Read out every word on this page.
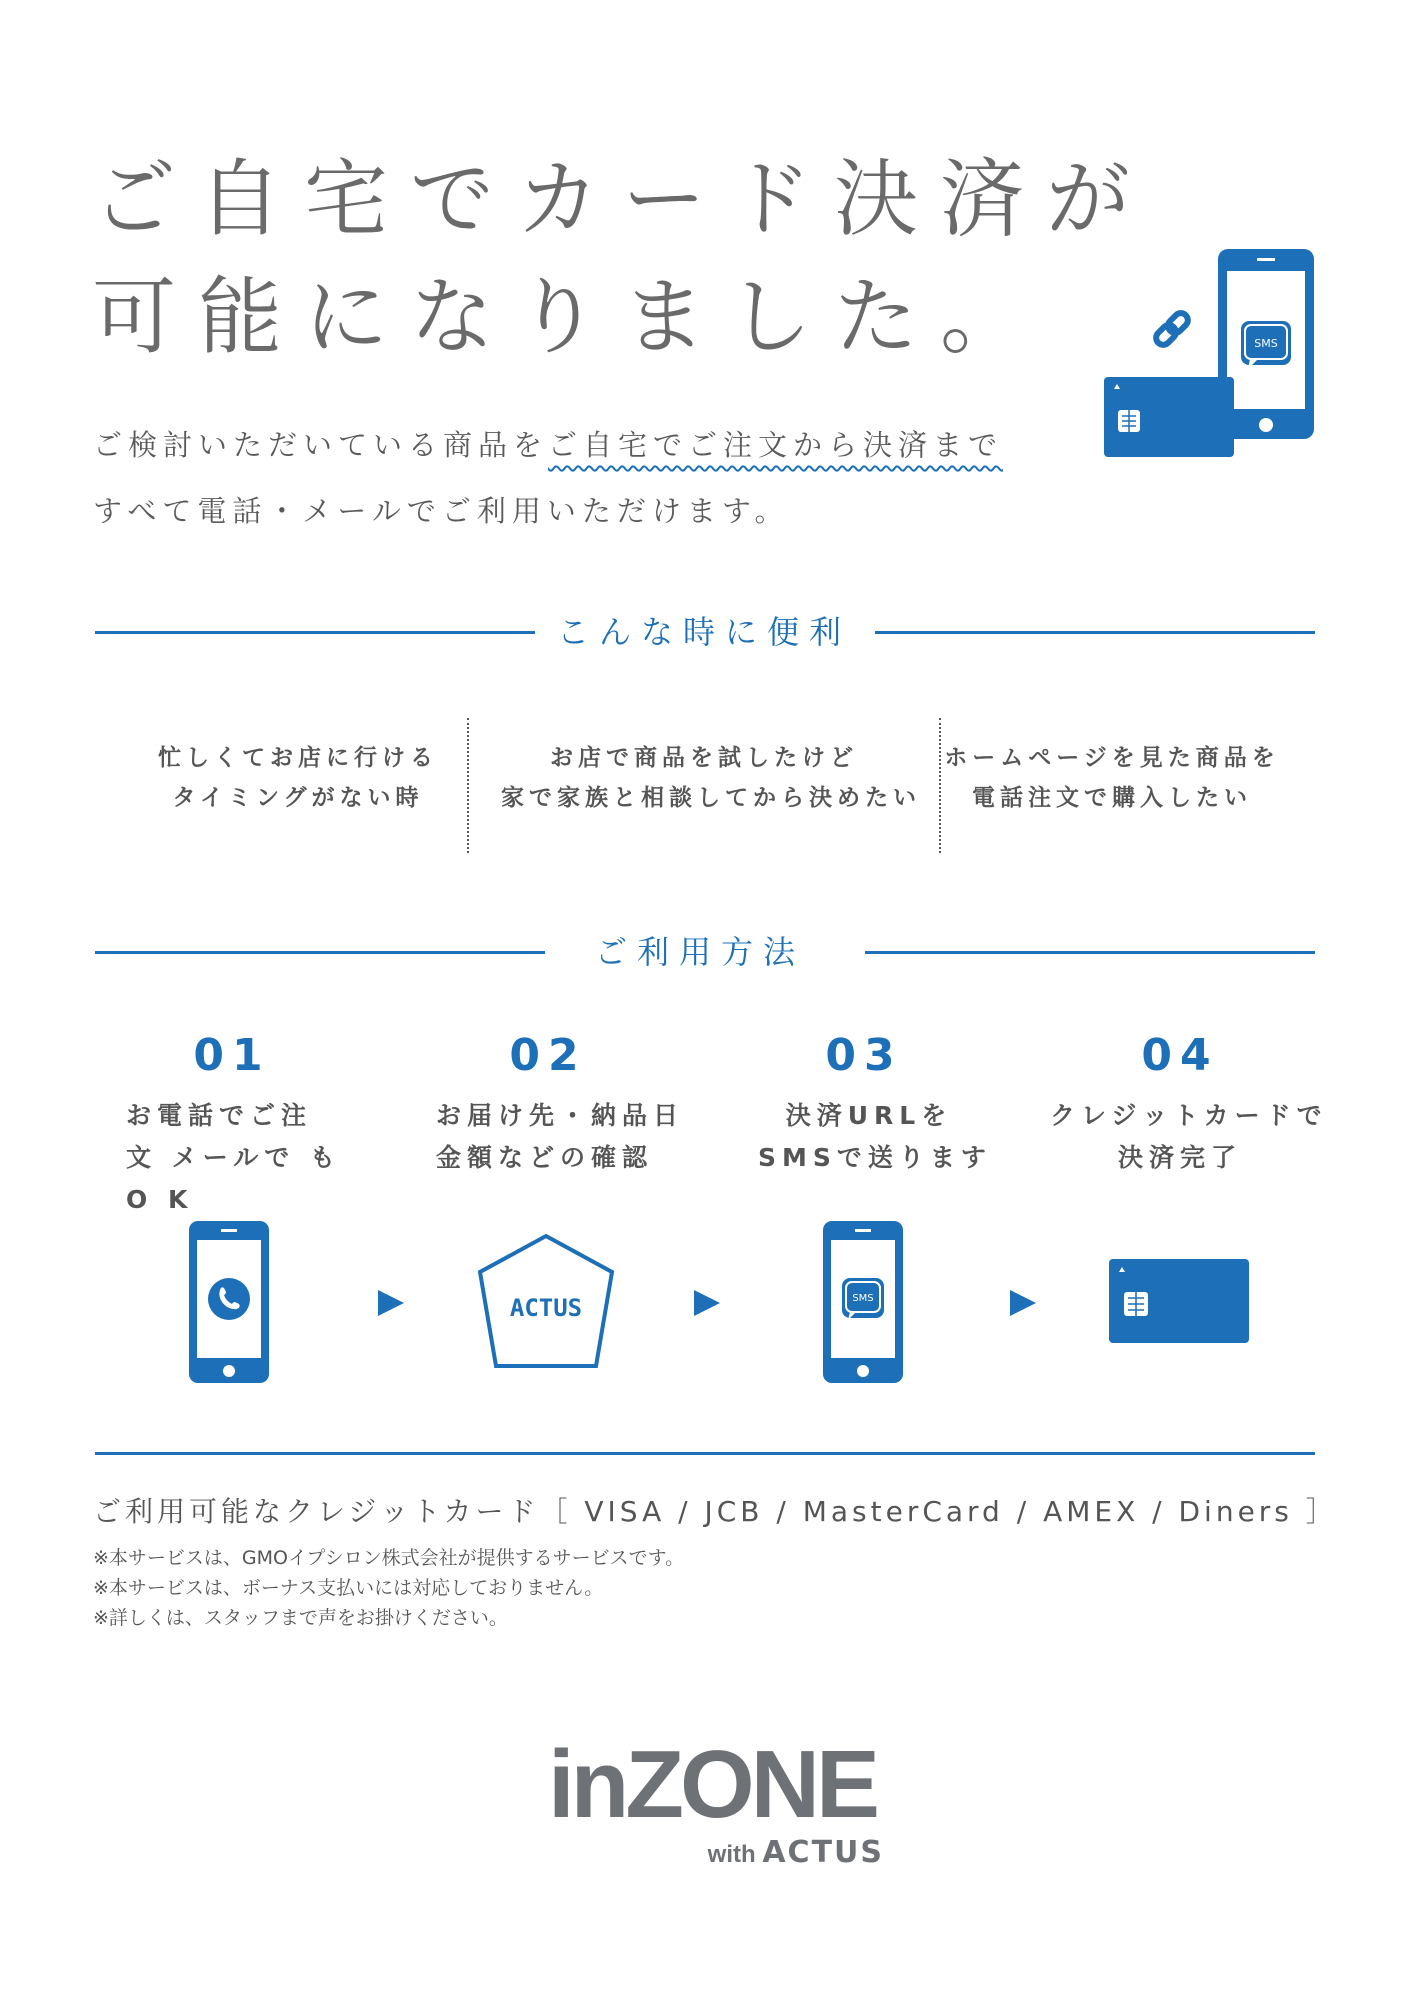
ご自宅でカード決済が
可能になりました。	SMS
ご検討いただいている商品をご自宅でご注文から決済まで
すべて電話・メールでご利用いただけます。
こんな時に便利
忙しくてお店に行ける
タイミングがない時
お店で商品を試したけど
家で家族と相談してから決めたい
ホームページを見た商品を
電話注文で購入したい
ご利用方法
01	02	03	04
お電話でご注
文 メールで も
O K
お届け先・納品日
金額などの確認
決済URLを
SMSで送ります
クレジットカードで
決済完了
ACTUS	SMS
ご利用可能なクレジットカード［ VISA / JCB / MasterCard / AMEX / Diners ］
※本サービスは、GMOイプシロン株式会社が提供するサービスです。
※本サービスは、ボーナス支払いには対応しておりません。
※詳しくは、スタッフまで声をお掛けください。
inZONE
with ACTUS
